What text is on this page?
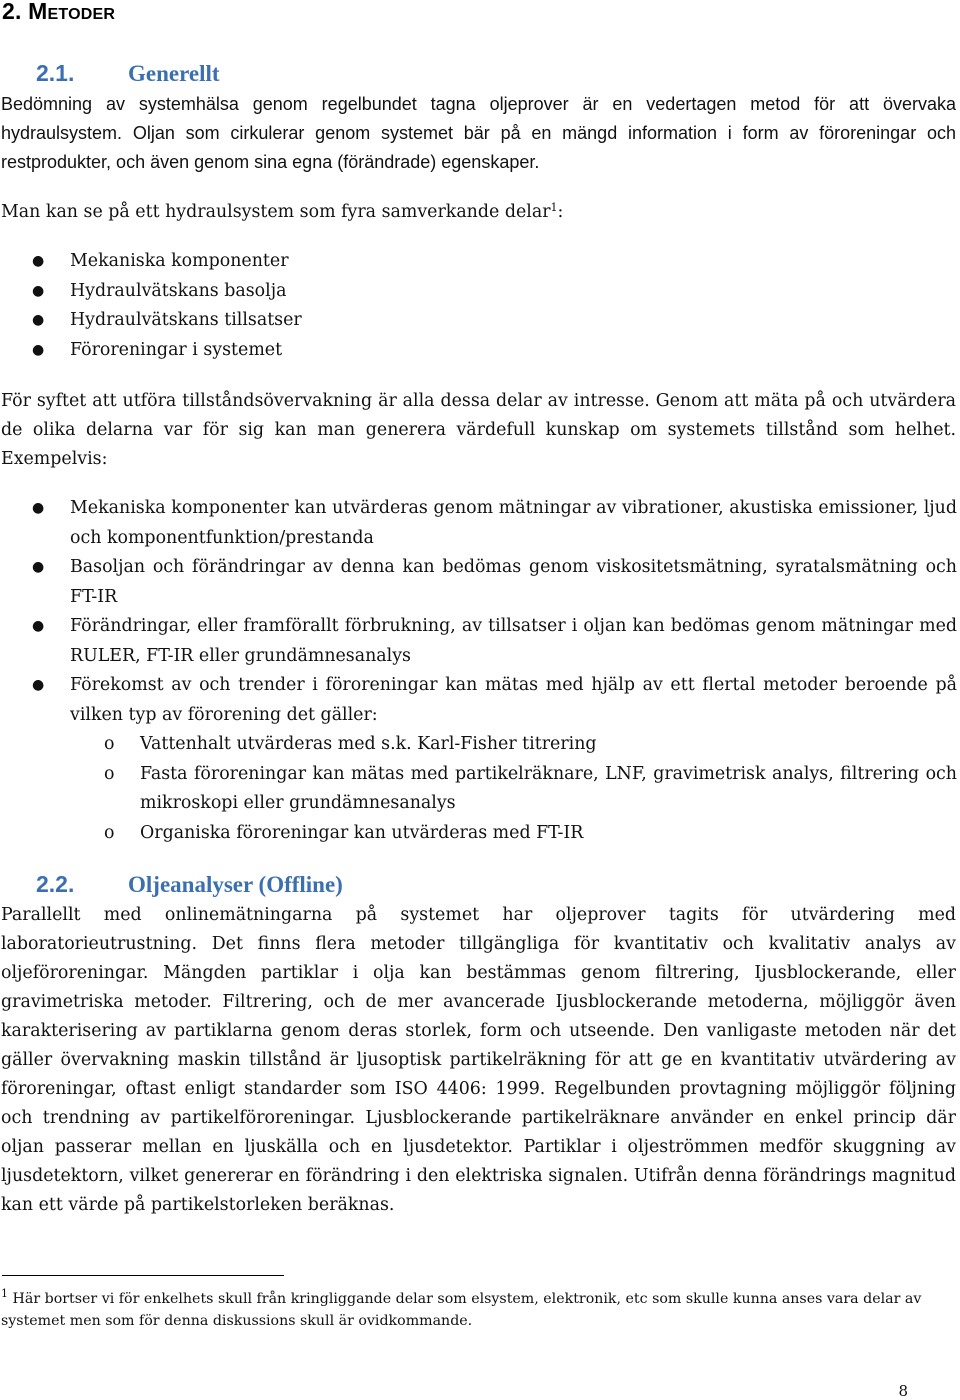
2. Metoder
2.1. Generellt

Bedömning av systemhälsa genom regelbundet tagna oljeprover är en vedertagen metod för att övervaka hydraulsystem. Oljan som cirkulerar genom systemet bär på en mängd information i form av föroreningar och restprodukter, och även genom sina egna (förändrade) egenskaper.

Man kan se på ett hydraulsystem som fyra samverkande delar$^1$:

● Mekaniska komponenter
● Hydraulvätskans basolja
● Hydraulvätskans tillsatser
● Föroreningar i systemet

För syftet att utföra tillståndsövervakning är alla dessa delar av intresse. Genom att mäta på och utvärdera de olika delarna var för sig kan man generera värdefull kunskap om systemets tillstånd som helhet. Exempelvis:

● Mekaniska komponenter kan utvärderas genom mätningar av vibrationer, akustiska emissioner, ljud och komponentfunktion/prestanda
● Basoljan och förändringar av denna kan bedömas genom viskositetsmätning, syratalsmätning och FT-IR
● Förändringar, eller framförallt förbrukning, av tillsatser i oljan kan bedömas genom mätningar med RULER, FT-IR eller grundämnesanalys
● Förekomst av och trender i föroreningar kan mätas med hjälp av ett flertal metoder beroende på vilken typ av förorening det gäller:
o Vattenhalt utvärderas med s.k. Karl-Fisher titrering
o Fasta föroreningar kan mätas med partikelräknare, LNF, gravimetrisk analys, filtrering och mikroskopi eller grundämnesanalys
o Organiska föroreningar kan utvärderas med FT-IR
2.2. Oljeanalyser (Offline)

Parallellt med onlinemätningarna på systemet har oljeprover tagits för utvärdering med laboratorieutrustning. Det finns flera metoder tillgängliga för kvantitativ och kvalitativ analys av oljeföroreningar. Mängden partiklar i olja kan bestämmas genom filtrering, Ijusblockerande, eller gravimetriska metoder. Filtrering, och de mer avancerade Ijusblockerande metoderna, möjliggör även karakterisering av partiklarna genom deras storlek, form och utseende. Den vanligaste metoden när det gäller övervakning maskin tillstånd är ljusoptisk partikelräkning för att ge en kvantitativ utvärdering av föroreningar, oftast enligt standarder som ISO 4406: 1999. Regelbunden provtagning möjliggör följning och trendning av partikelföroreningar. Ljusblockerande partikelräknare använder en enkel princip där oljan passerar mellan en ljuskälla och en ljusdetektor. Partiklar i oljeströmmen medför skuggning av ljusdetektorn, vilket genererar en förändring i den elektriska signalen. Utifrån denna förändrings magnitud kan ett värde på partikelstorleken beräknas.

$^1$ Här bortser vi för enkelhets skull från kringliggande delar som elsystem, elektronik, etc som skulle kunna anses vara delar av systemet men som för denna diskussions skull är ovidkommande.

8
